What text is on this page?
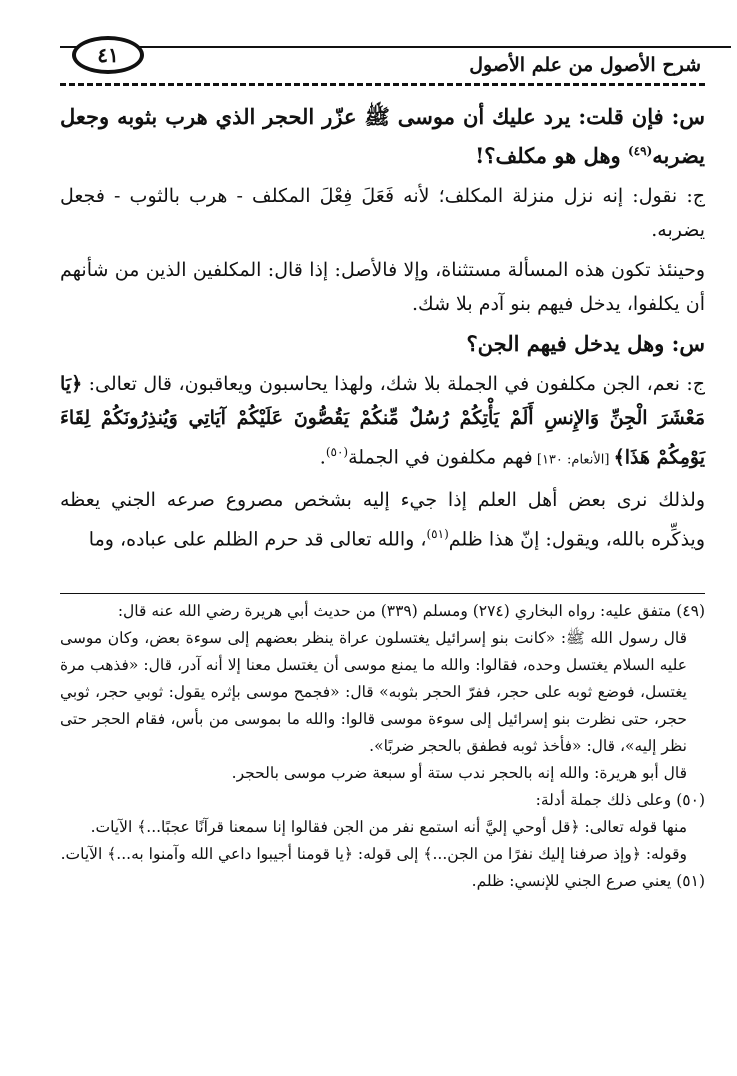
٤١	شرح الأصول من علم الأصول

س: فإن قلت: يرد عليك أن موسى ﷺ عزّر الحجر الذي هرب بثوبه وجعل يضربه$^{(٤٩)}$ وهل هو مكلف؟!

ج: نقول: إنه نزل منزلة المكلف؛ لأنه فَعَلَ فِعْلَ المكلف - هرب بالثوب - فجعل يضربه.

وحينئذ تكون هذه المسألة مستثناة، وإلا فالأصل: إذا قال: المكلفين الذين من شأنهم أن يكلفوا، يدخل فيهم بنو آدم بلا شك.

س: وهل يدخل فيهم الجن؟

ج: نعم، الجن مكلفون في الجملة بلا شك، ولهذا يحاسبون ويعاقبون، قال تعالى: ﴿يَا مَعْشَرَ الْجِنِّ وَالإِنسِ أَلَمْ يَأْتِكُمْ رُسُلٌ مِّنكُمْ يَقُصُّونَ عَلَيْكُمْ آيَاتِي وَيُنذِرُونَكُمْ لِقَاءَ يَوْمِكُمْ هَذَا﴾ [الأنعام: ١٣٠] فهم مكلفون في الجملة$^{(٥٠)}$.

ولذلك نرى بعض أهل العلم إذا جيء إليه بشخص مصروع صرعه الجني يعظه ويذكِّره بالله، ويقول: إنّ هذا ظلم$^{(٥١)}$، والله تعالى قد حرم الظلم على عباده، وما

(٤٩) متفق عليه: رواه البخاري (٢٧٤) ومسلم (٣٣٩) من حديث أبي هريرة رضي الله عنه قال:

قال رسول الله ﷺ: «كانت بنو إسرائيل يغتسلون عراة ينظر بعضهم إلى سوءة بعض، وكان موسى عليه السلام يغتسل وحده، فقالوا: والله ما يمنع موسى أن يغتسل معنا إلا أنه آدر، قال: «فذهب مرة يغتسل، فوضع ثوبه على حجر، ففرّ الحجر بثوبه» قال: «فجمح موسى بإثره يقول: ثوبي حجر، ثوبي حجر، حتى نظرت بنو إسرائيل إلى سوءة موسى قالوا: والله ما بموسى من بأس، فقام الحجر حتى نظر إليه»، قال: «فأخذ ثوبه فطفق بالحجر ضربًا».

قال أبو هريرة: والله إنه بالحجر ندب ستة أو سبعة ضرب موسى بالحجر.

(٥٠) وعلى ذلك جملة أدلة:

منها قوله تعالى: ﴿قل أوحي إليَّ أنه استمع نفر من الجن فقالوا إنا سمعنا قرآنًا عجبًا...﴾ الآيات.

وقوله: ﴿وإذ صرفنا إليك نفرًا من الجن...﴾ إلى قوله: ﴿يا قومنا أجيبوا داعي الله وآمنوا به...﴾ الآيات.

(٥١) يعني صرع الجني للإنسي: ظلم.
